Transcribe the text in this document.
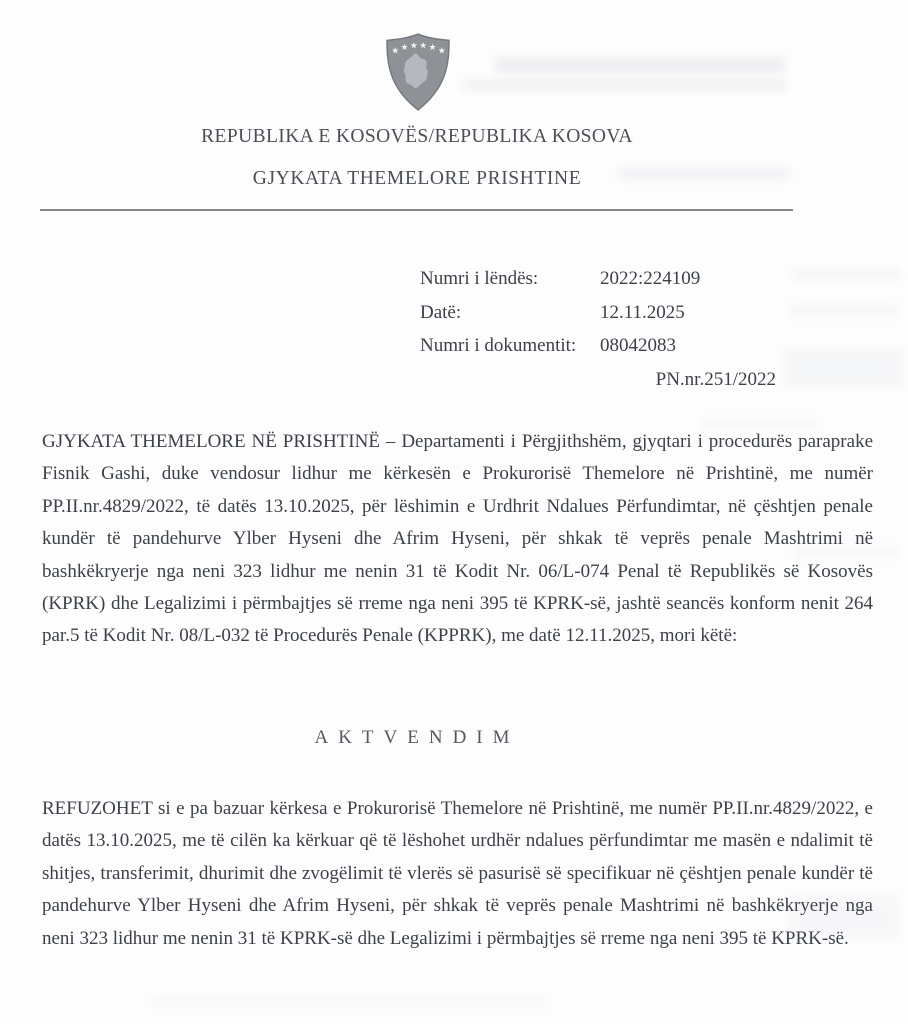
REPUBLIKA E KOSOVËS/REPUBLIKA KOSOVA
GJYKATA THEMELORE PRISHTINE
Numri i lëndës:	2022:224109
Datë:	12.11.2025
Numri i dokumentit:	08042083
PN.nr.251/2022

GJYKATA THEMELORE NË PRISHTINË – Departamenti i Përgjithshëm, gjyqtari i procedurës paraprake Fisnik Gashi, duke vendosur lidhur me kërkesën e Prokurorisë Themelore në Prishtinë, me numër PP.II.nr.4829/2022, të datës 13.10.2025, për lëshimin e Urdhrit Ndalues Përfundimtar, në çështjen penale kundër të pandehurve Ylber Hyseni dhe Afrim Hyseni, për shkak të veprës penale Mashtrimi në bashkëkryerje nga neni 323 lidhur me nenin 31 të Kodit Nr. 06/L-074 Penal të Republikës së Kosovës (KPRK) dhe Legalizimi i përmbajtjes së rreme nga neni 395 të KPRK-së, jashtë seancës konform nenit 264 par.5 të Kodit Nr. 08/L-032 të Procedurës Penale (KPPRK), me datë 12.11.2025, mori këtë:

AKTVENDIM

REFUZOHET si e pa bazuar kërkesa e Prokurorisë Themelore në Prishtinë, me numër PP.II.nr.4829/2022, e datës 13.10.2025, me të cilën ka kërkuar që të lëshohet urdhër ndalues përfundimtar me masën e ndalimit të shitjes, transferimit, dhurimit dhe zvogëlimit të vlerës së pasurisë së specifikuar në çështjen penale kundër të pandehurve Ylber Hyseni dhe Afrim Hyseni, për shkak të veprës penale Mashtrimi në bashkëkryerje nga neni 323 lidhur me nenin 31 të KPRK-së dhe Legalizimi i përmbajtjes së rreme nga neni 395 të KPRK-së.
